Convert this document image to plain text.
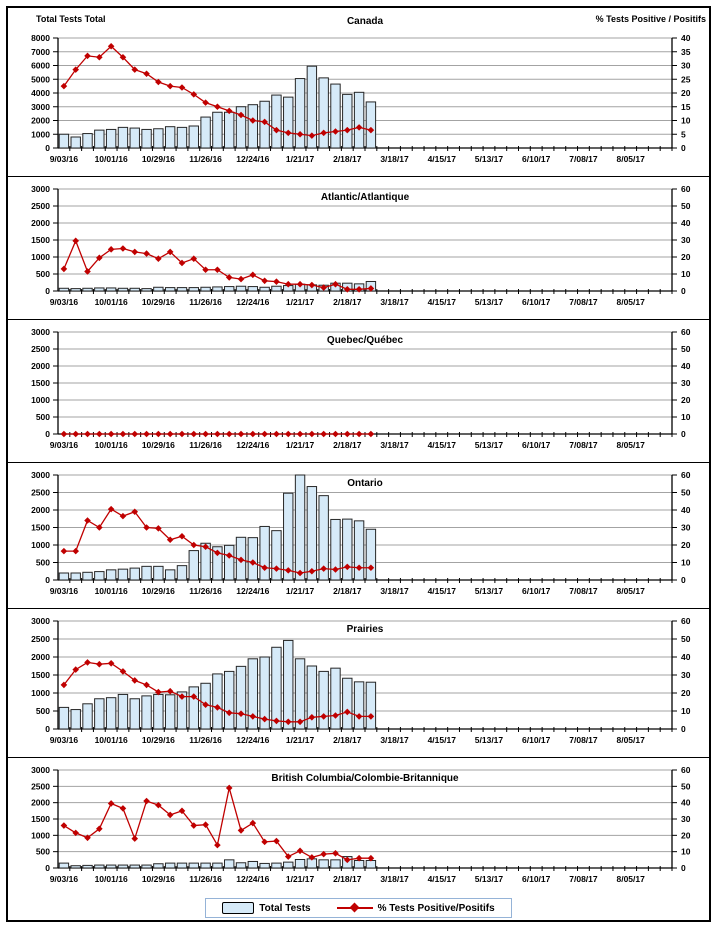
0
1000
2000
3000
4000
5000
6000
7000
8000
0
5
10
15
20
25
30
35
40
9/03/16 10/01/16 10/29/16 11/26/16 12/24/16 1/21/17 2/18/17 3/18/17 4/15/17 5/13/17 6/10/17 7/08/17 8/05/17
Canada
Total Tests Total	% Tests Positive / Positifs
0
500
1000
1500
2000
2500
3000
0
10
20
30
40
50
60
9/03/16 10/01/16 10/29/16 11/26/16 12/24/16 1/21/17 2/18/17 3/18/17 4/15/17 5/13/17 6/10/17 7/08/17 8/05/17
Atlantic/Atlantique
0
500
1000
1500
2000
2500
3000
0
10
20
30
40
50
60
9/03/16 10/01/16 10/29/16 11/26/16 12/24/16 1/21/17 2/18/17 3/18/17 4/15/17 5/13/17 6/10/17 7/08/17 8/05/17
Quebec/Québec
0
500
1000
1500
2000
2500
3000
0
10
20
30
40
50
60
9/03/16 10/01/16 10/29/16 11/26/16 12/24/16 1/21/17 2/18/17 3/18/17 4/15/17 5/13/17 6/10/17 7/08/17 8/05/17
Ontario
0
500
1000
1500
2000
2500
3000
0
10
20
30
40
50
60
9/03/16 10/01/16 10/29/16 11/26/16 12/24/16 1/21/17 2/18/17 3/18/17 4/15/17 5/13/17 6/10/17 7/08/17 8/05/17
Prairies
0
500
1000
1500
2000
2500
3000
0
10
20
30
40
50
60
9/03/16 10/01/16 10/29/16 11/26/16 12/24/16 1/21/17 2/18/17 3/18/17 4/15/17 5/13/17 6/10/17 7/08/17 8/05/17
British Columbia/Colombie-Britannique
Total Tests	% Tests Positive/Positifs
